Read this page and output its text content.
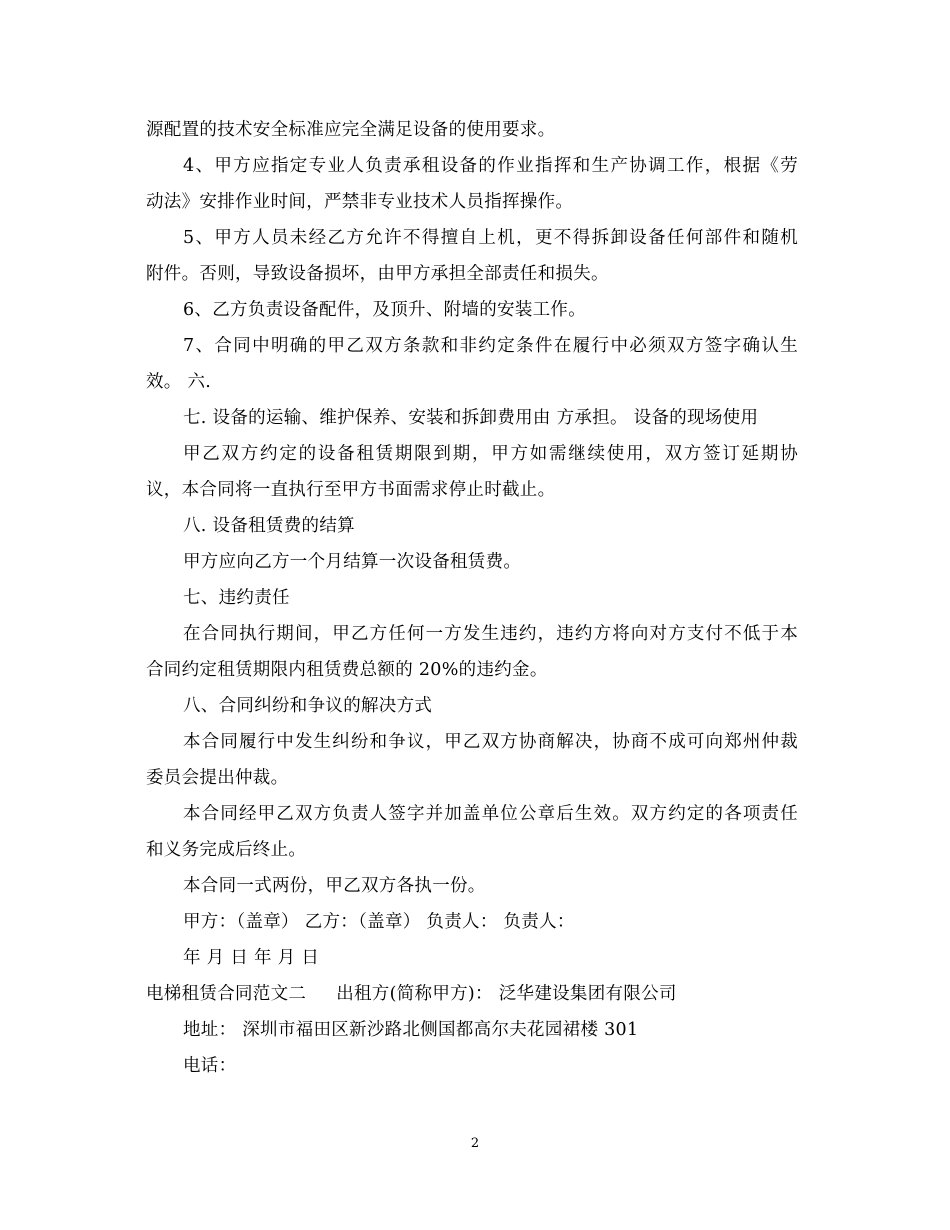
源配置的技术安全标准应完全满足设备的使用要求。
4、甲方应指定专业人负责承租设备的作业指挥和生产协调工作，根据《劳
动法》安排作业时间，严禁非专业技术人员指挥操作。
5、甲方人员未经乙方允许不得擅自上机，更不得拆卸设备任何部件和随机
附件。否则，导致设备损坏，由甲方承担全部责任和损失。
6、乙方负责设备配件，及顶升、附墙的安装工作。
7、合同中明确的甲乙双方条款和非约定条件在履行中必须双方签字确认生
效。 六.
七. 设备的运输、维护保养、安装和拆卸费用由 方承担。 设备的现场使用
甲乙双方约定的设备租赁期限到期，甲方如需继续使用，双方签订延期协
议，本合同将一直执行至甲方书面需求停止时截止。
八. 设备租赁费的结算
甲方应向乙方一个月结算一次设备租赁费。
七、违约责任
在合同执行期间，甲乙方任何一方发生违约，违约方将向对方支付不低于本
合同约定租赁期限内租赁费总额的 20%的违约金。
八、合同纠纷和争议的解决方式
本合同履行中发生纠纷和争议，甲乙双方协商解决，协商不成可向郑州仲裁
委员会提出仲裁。
本合同经甲乙双方负责人签字并加盖单位公章后生效。双方约定的各项责任
和义务完成后终止。
本合同一式两份，甲乙双方各执一份。
甲方：（盖章） 乙方：（盖章） 负责人： 负责人：
年 月 日 年 月 日
电梯租赁合同范文二 出租方(简称甲方)： 泛华建设集团有限公司
地址： 深圳市福田区新沙路北侧国都高尔夫花园裙楼 301
电话：
2
